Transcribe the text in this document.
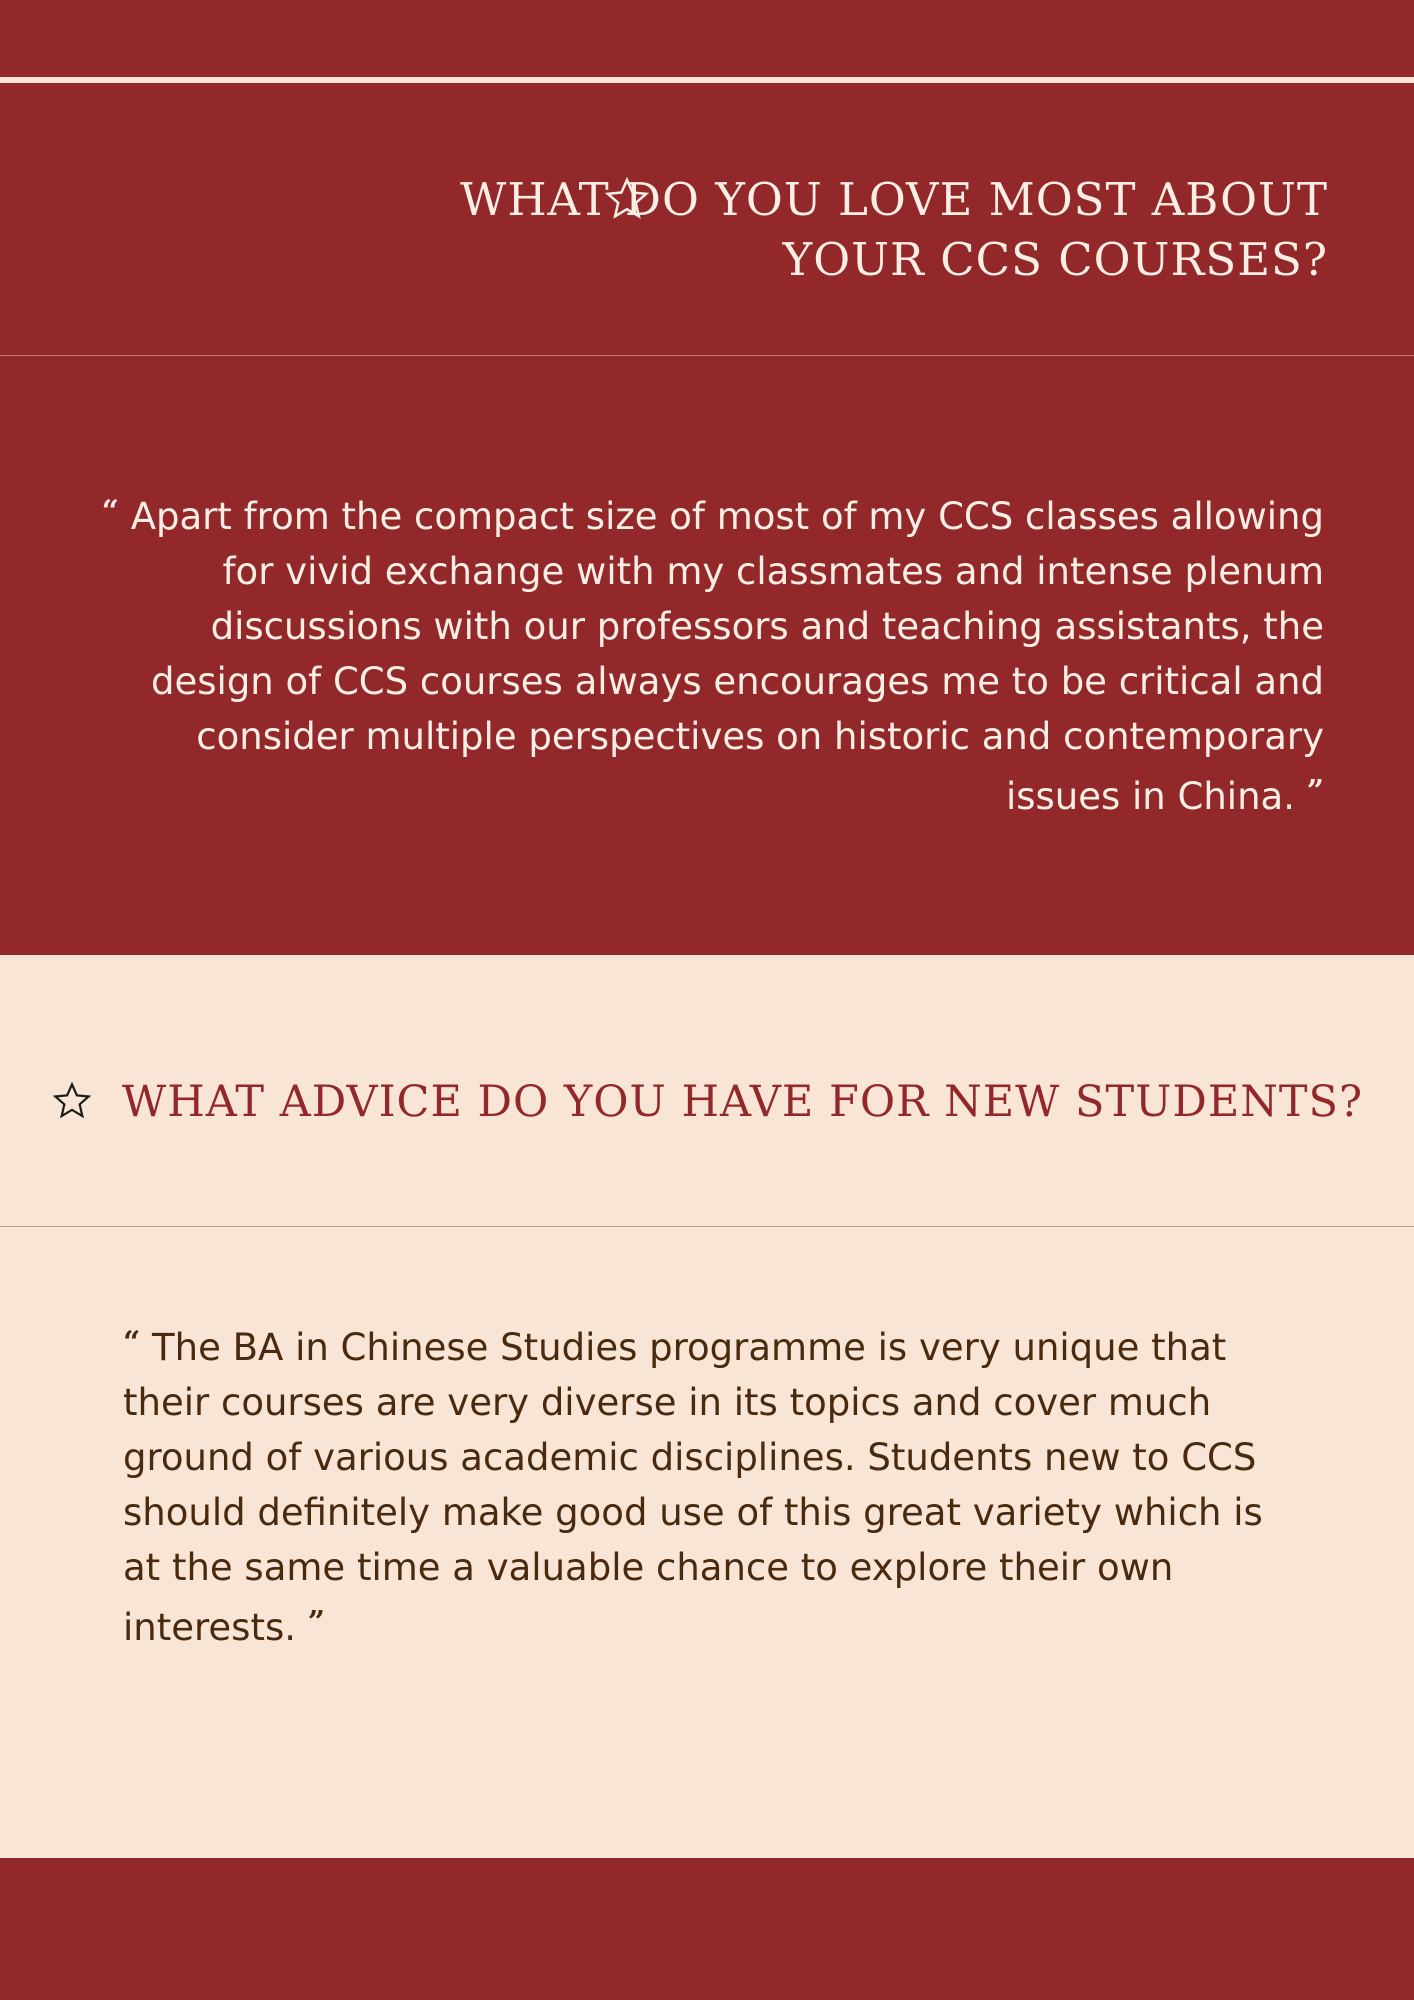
WHAT DO YOU LOVE MOST ABOUT YOUR CCS COURSES?

“ Apart from the compact size of most of my CCS classes allowing for vivid exchange with my classmates and intense plenum discussions with our professors and teaching assistants, the design of CCS courses always encourages me to be critical and consider multiple perspectives on historic and contemporary issues in China. ”

WHAT ADVICE DO YOU HAVE FOR NEW STUDENTS?

“ The BA in Chinese Studies programme is very unique that their courses are very diverse in its topics and cover much ground of various academic disciplines. Students new to CCS should definitely make good use of this great variety which is at the same time a valuable chance to explore their own interests. ”
